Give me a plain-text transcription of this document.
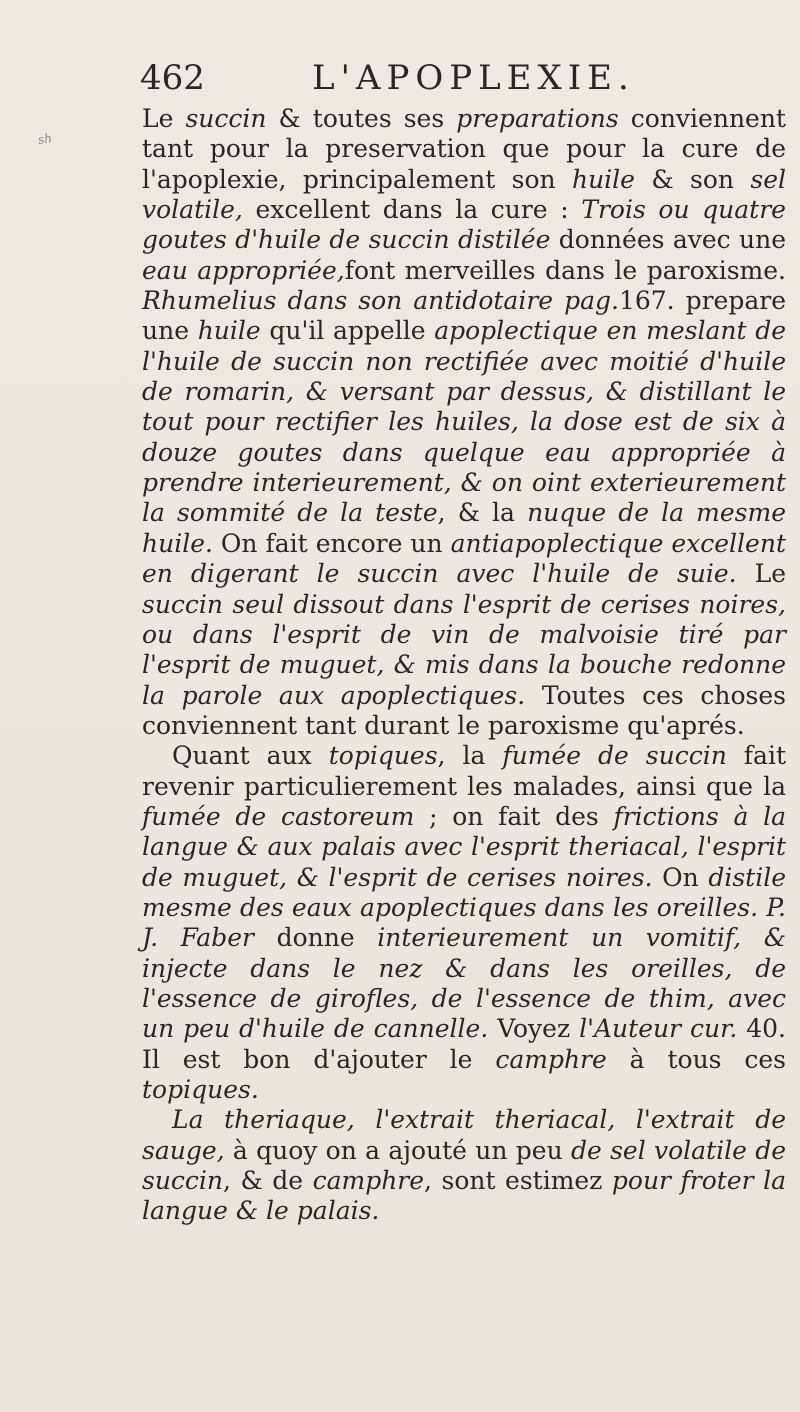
462	L'APOPLEXIE.
sh

Le succin & toutes ses preparations conviennent tant pour la preservation que pour la cure de l'apoplexie, principalement son huile & son sel volatile, excellent dans la cure : Trois ou quatre goutes d'huile de succin distilée données avec une eau appropriée,font merveilles dans le paroxisme. Rhumelius dans son antidotaire pag.167. prepare une huile qu'il appelle apoplectique en meslant de l'huile de succin non rectifiée avec moitié d'huile de romarin, & versant par dessus, & distillant le tout pour rectifier les huiles, la dose est de six à douze goutes dans quelque eau appropriée à prendre interieurement, & on oint exterieurement la sommité de la teste, & la nuque de la mesme huile. On fait encore un antiapoplectique excellent en digerant le succin avec l'huile de suie. Le succin seul dissout dans l'esprit de cerises noires, ou dans l'esprit de vin de malvoisie tiré par l'esprit de muguet, & mis dans la bouche redonne la parole aux apoplectiques. Toutes ces choses conviennent tant durant le paroxisme qu'aprés.

Quant aux topiques, la fumée de succin fait revenir particulierement les malades, ainsi que la fumée de castoreum ; on fait des frictions à la langue & aux palais avec l'esprit theriacal, l'esprit de muguet, & l'esprit de cerises noires. On distile mesme des eaux apoplectiques dans les oreilles. P. J. Faber donne interieurement un vomitif, & injecte dans le nez & dans les oreilles, de l'essence de girofles, de l'essence de thim, avec un peu d'huile de cannelle. Voyez l'Auteur cur. 40. Il est bon d'ajouter le camphre à tous ces topiques.

La theriaque, l'extrait theriacal, l'extrait de sauge, à quoy on a ajouté un peu de sel volatile de succin, & de camphre, sont estimez pour froter la langue & le palais.
